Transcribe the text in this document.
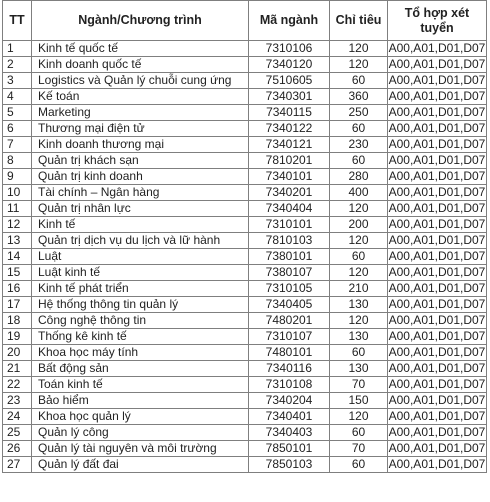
TT	Ngành/Chương trình	Mã ngành	Chỉ tiêu	Tổ hợp xét tuyển
1	Kinh tế quốc tế	7310106	120	A00,A01,D01,D07
2	Kinh doanh quốc tế	7340120	120	A00,A01,D01,D07
3	Logistics và Quản lý chuỗi cung ứng	7510605	60	A00,A01,D01,D07
4	Kế toán	7340301	360	A00,A01,D01,D07
5	Marketing	7340115	250	A00,A01,D01,D07
6	Thương mại điện tử	7340122	60	A00,A01,D01,D07
7	Kinh doanh thương mại	7340121	230	A00,A01,D01,D07
8	Quản trị khách sạn	7810201	60	A00,A01,D01,D07
9	Quản trị kinh doanh	7340101	280	A00,A01,D01,D07
10	Tài chính – Ngân hàng	7340201	400	A00,A01,D01,D07
11	Quản trị nhân lực	7340404	120	A00,A01,D01,D07
12	Kinh tế	7310101	200	A00,A01,D01,D07
13	Quản trị dịch vụ du lịch và lữ hành	7810103	120	A00,A01,D01,D07
14	Luật	7380101	60	A00,A01,D01,D07
15	Luật kinh tế	7380107	120	A00,A01,D01,D07
16	Kinh tế phát triển	7310105	210	A00,A01,D01,D07
17	Hệ thống thông tin quản lý	7340405	130	A00,A01,D01,D07
18	Công nghệ thông tin	7480201	120	A00,A01,D01,D07
19	Thống kê kinh tế	7310107	130	A00,A01,D01,D07
20	Khoa học máy tính	7480101	60	A00,A01,D01,D07
21	Bất động sản	7340116	130	A00,A01,D01,D07
22	Toán kinh tế	7310108	70	A00,A01,D01,D07
23	Bảo hiểm	7340204	150	A00,A01,D01,D07
24	Khoa học quản lý	7340401	120	A00,A01,D01,D07
25	Quản lý công	7340403	60	A00,A01,D01,D07
26	Quản lý tài nguyên và môi trường	7850101	70	A00,A01,D01,D07
27	Quản lý đất đai	7850103	60	A00,A01,D01,D07
